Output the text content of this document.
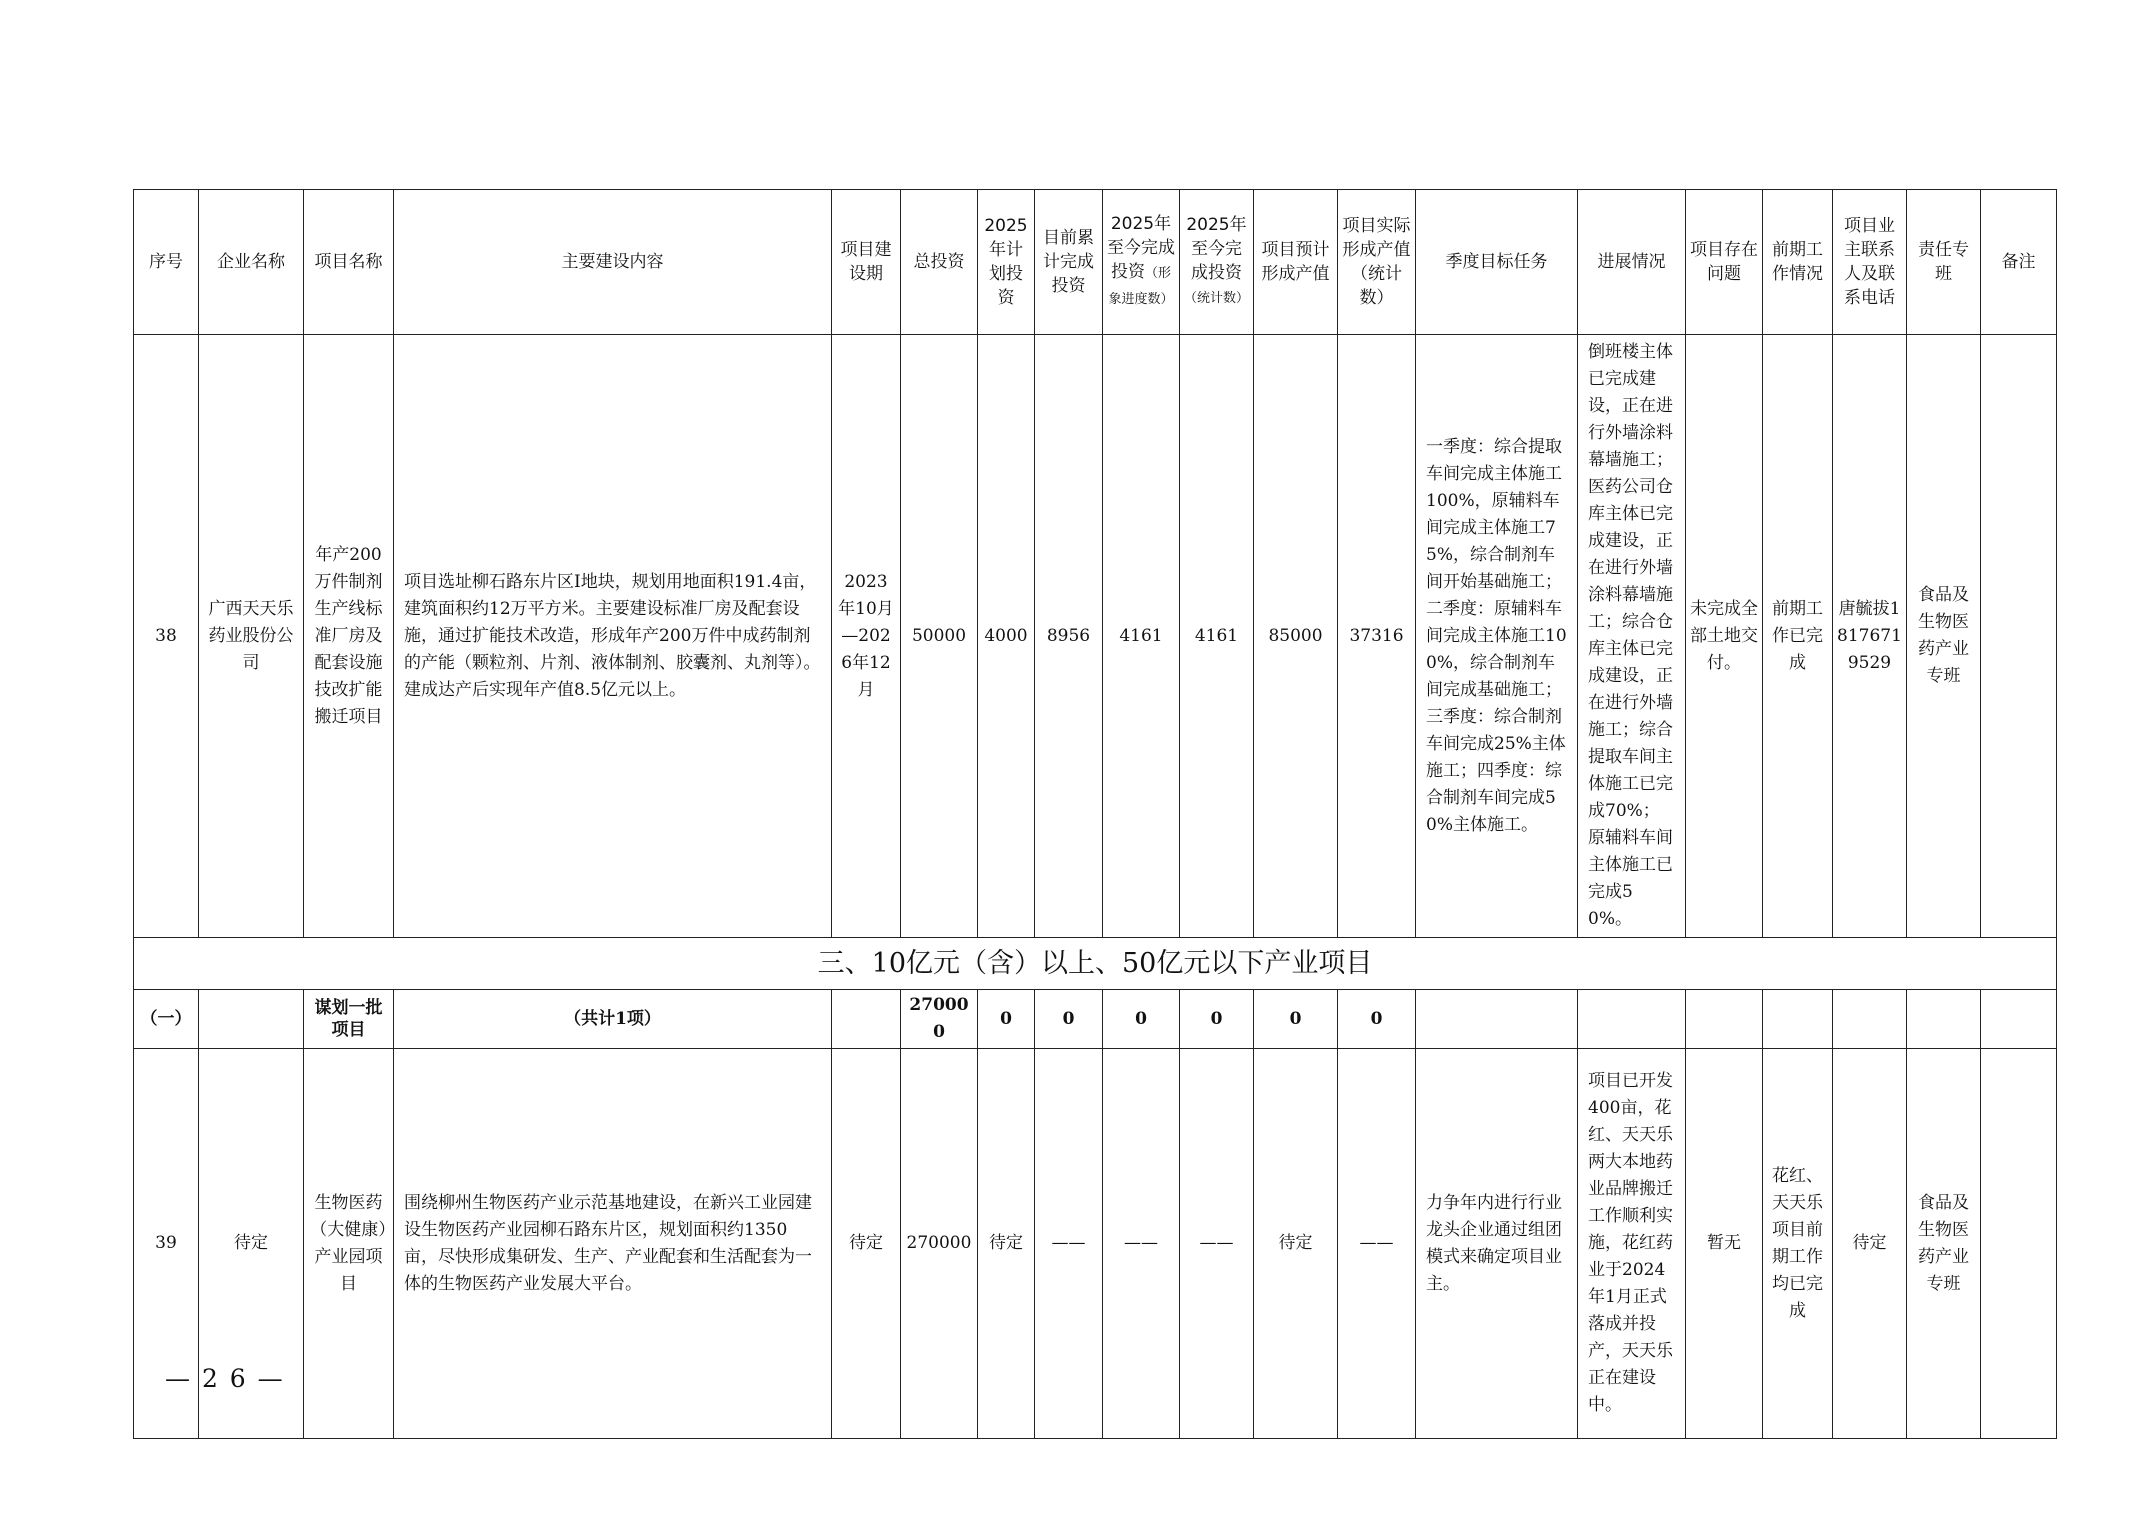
序号	企业名称	项目名称	主要建设内容	项目建设期	总投资	2025年计划投资	目前累计完成投资	2025年至今完成投资（形象进度数）	2025年至今完成投资（统计数）	项目预计形成产值	项目实际形成产值（统计数）	季度目标任务	进展情况	项目存在问题	前期工作情况	项目业主联系人及联系电话	责任专班	备注
38	广西天天乐药业股份公司	年产200万件制剂生产线标准厂房及配套设施技改扩能搬迁项目	项目选址柳石路东片区I地块，规划用地面积191.4亩，建筑面积约12万平方米。主要建设标准厂房及配套设施，通过扩能技术改造，形成年产200万件中成药制剂的产能（颗粒剂、片剂、液体制剂、胶囊剂、丸剂等）。建成达产后实现年产值8.5亿元以上。	2023年10月—2026年12月	50000	4000	8956	4161	4161	85000	37316	一季度：综合提取车间完成主体施工100%，原辅料车间完成主体施工75%，综合制剂车间开始基础施工；二季度：原辅料车间完成主体施工100%，综合制剂车间完成基础施工；三季度：综合制剂车间完成25%主体施工；四季度：综合制剂车间完成50%主体施工。	倒班楼主体已完成建设，正在进行外墙涂料幕墙施工；医药公司仓库主体已完成建设，正在进行外墙涂料幕墙施工；综合仓库主体已完成建设，正在进行外墙施工；综合提取车间主体施工已完成70%；原辅料车间主体施工已完成50%。	未完成全部土地交付。	前期工作已完成	唐毓拔18176719529	食品及生物医药产业专班	
三、10亿元（含）以上、50亿元以下产业项目																		
（一）		谋划一批项目	（共计1项）		270000	0	0	0	0	0	0							
39	待定	生物医药（大健康）产业园项目	围绕柳州生物医药产业示范基地建设，在新兴工业园建设生物医药产业园柳石路东片区，规划面积约1350亩，尽快形成集研发、生产、产业配套和生活配套为一体的生物医药产业发展大平台。	待定	270000	待定	——	——	——	待定	——	力争年内进行行业龙头企业通过组团模式来确定项目业主。	项目已开发400亩，花红、天天乐两大本地药业品牌搬迁工作顺利实施，花红药业于2024年1月正式落成并投产，天天乐正在建设中。	暂无	花红、天天乐项目前期工作均已完成	待定	食品及生物医药产业专班	
— 2 6 —
